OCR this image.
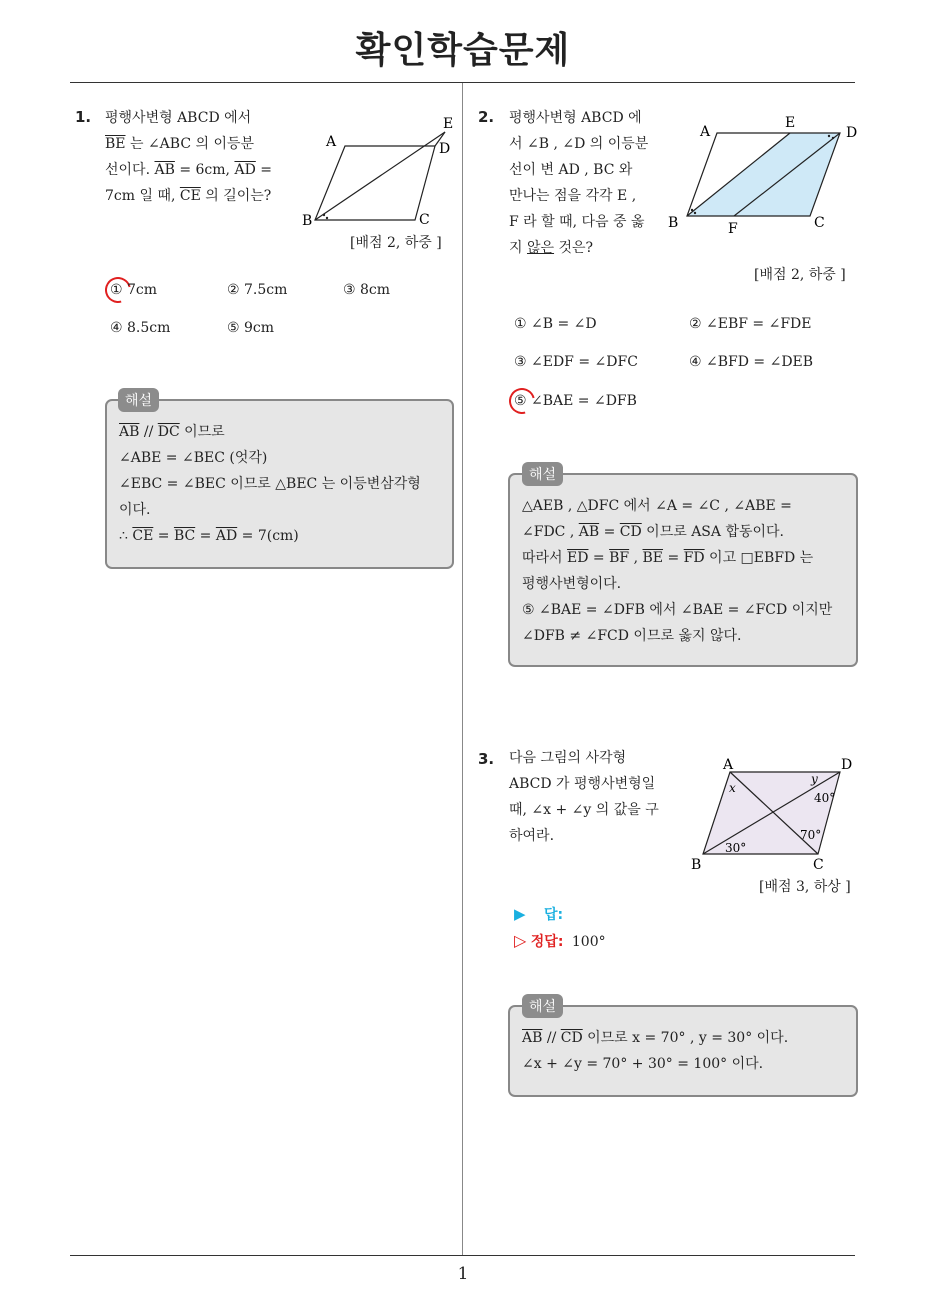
확인학습문제
1
1. 평행사변형 ABCD 에서
$\overline{BE}$ 는 ∠ABC 의 이등분
선이다. $\overline{AB} = 6cm$, $\overline{AD}$ =
7cm 일 때, $\overline{CE}$ 의 길이는?
A
B	C
D
E
[배점 2, 하중 ]
① 7cm	② 7.5cm	③ 8cm
④ 8.5cm	⑤ 9cm
$\overline{AB} // \overline{DC}$ 이므로
∠ABE = ∠BEC (엇각)
∠EBC = ∠BEC 이므로 △BEC 는 이등변삼각형
이다.
∴ $\overline{CE} = \overline{BC} = \overline{AD} = 7(cm)$
해설
2. 평행사변형 ABCD 에
서 ∠B , ∠D 의 이등분
선이 변 AD , BC 와
만나는 점을 각각 E ,
F 라 할 때, 다음 중 옳
지 않은 것은?
A
B	C
D
E
F
[배점 2, 하중 ]
① ∠B = ∠D	② ∠EBF = ∠FDE
③ ∠EDF = ∠DFC	④ ∠BFD = ∠DEB
⑤ ∠BAE = ∠DFB
△AEB , △DFC 에서 ∠A = ∠C , ∠ABE =
∠FDC , $\overline{AB} = \overline{CD}$ 이므로 ASA 합동이다.
따라서 $\overline{ED} = \overline{BF}$ , $\overline{BE} = \overline{FD}$ 이고 □EBFD 는
평행사변형이다.
⑤ ∠BAE = ∠DFB 에서 ∠BAE = ∠FCD 이지만
∠DFB ≠ ∠FCD 이므로 옳지 않다.
해설
3. 다음 그림의 사각형
ABCD 가 평행사변형일
때, ∠x + ∠y 의 값을 구
하여라.
A
B	C
D
x
y
40°
70°
30°
[배점 3, 하상 ]
▶ 답:
▷ 정답: 100°
$\overline{AB} // \overline{CD}$ 이므로 x = 70° , y = 30° 이다.
∠x + ∠y = 70° + 30° = 100° 이다.
해설
